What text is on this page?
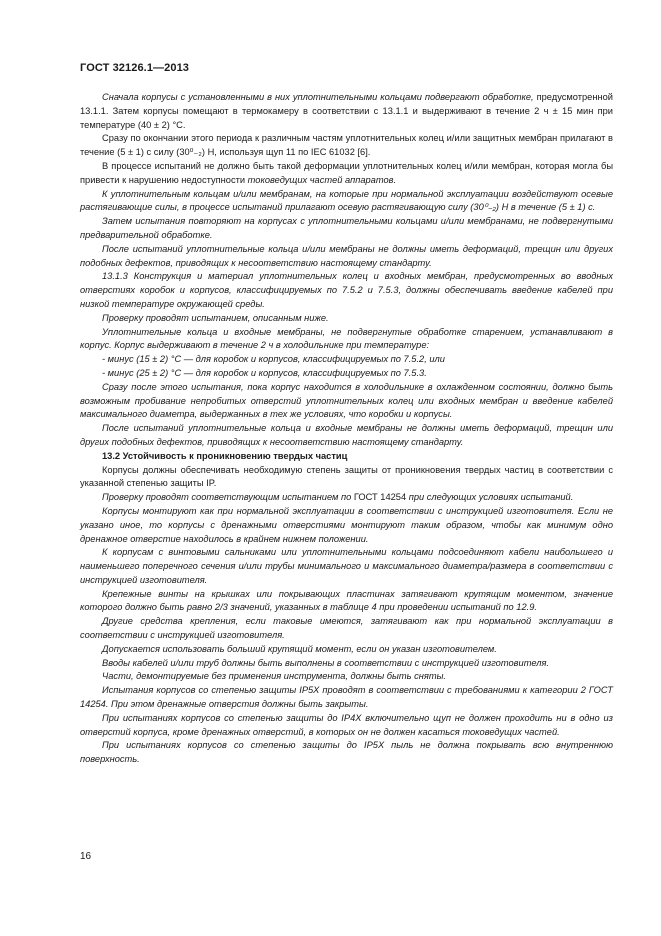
ГОСТ 32126.1—2013

Сначала корпусы с установленными в них уплотнительными кольцами подвергают обработке, предусмотренной 13.1.1. Затем корпусы помещают в термокамеру в соответствии с 13.1.1 и выдерживают в течение 2 ч ± 15 мин при температуре (40 ± 2) °С.

Сразу по окончании этого периода к различным частям уплотнительных колец и/или защитных мембран прилагают в течение (5 ± 1) с силу (30⁰₋₂) Н, используя щуп 11 по IEC 61032 [6].

В процессе испытаний не должно быть такой деформации уплотнительных колец и/или мембран, которая могла бы привести к нарушению недоступности токоведущих частей аппаратов.

К уплотнительным кольцам и/или мембранам, на которые при нормальной эксплуатации воздействуют осевые растягивающие силы, в процессе испытаний прилагают осевую растягивающую силу (30⁰₋₂) Н в течение (5 ± 1) с.

Затем испытания повторяют на корпусах с уплотнительными кольцами и/или мембранами, не подвергнутыми предварительной обработке.

После испытаний уплотнительные кольца и/или мембраны не должны иметь деформаций, трещин или других подобных дефектов, приводящих к несоответствию настоящему стандарту.

13.1.3 Конструкция и материал уплотнительных колец и входных мембран, предусмотренных во вводных отверстиях коробок и корпусов, классифицируемых по 7.5.2 и 7.5.3, должны обеспечивать введение кабелей при низкой температуре окружающей среды.

Проверку проводят испытанием, описанным ниже.

Уплотнительные кольца и входные мембраны, не подвергнутые обработке старением, устанавливают в корпус. Корпус выдерживают в течение 2 ч в холодильнике при температуре:

- минус (15 ± 2) °С — для коробок и корпусов, классифицируемых по 7.5.2, или

- минус (25 ± 2) °С — для коробок и корпусов, классифицируемых по 7.5.3.

Сразу после этого испытания, пока корпус находится в холодильнике в охлажденном состоянии, должно быть возможным пробивание непробитых отверстий уплотнительных колец или входных мембран и введение кабелей максимального диаметра, выдержанных в тех же условиях, что коробки и корпусы.

После испытаний уплотнительные кольца и входные мембраны не должны иметь деформаций, трещин или других подобных дефектов, приводящих к несоответствию настоящему стандарту.

13.2 Устойчивость к проникновению твердых частиц

Корпусы должны обеспечивать необходимую степень защиты от проникновения твердых частиц в соответствии с указанной степенью защиты IP.

Проверку проводят соответствующим испытанием по ГОСТ 14254 при следующих условиях испытаний.

Корпусы монтируют как при нормальной эксплуатации в соответствии с инструкцией изготовителя. Если не указано иное, то корпусы с дренажными отверстиями монтируют таким образом, чтобы как минимум одно дренажное отверстие находилось в крайнем нижнем положении.

К корпусам с винтовыми сальниками или уплотнительными кольцами подсоединяют кабели наибольшего и наименьшего поперечного сечения и/или трубы минимального и максимального диаметра/размера в соответствии с инструкцией изготовителя.

Крепежные винты на крышках или покрывающих пластинах затягивают крутящим моментом, значение которого должно быть равно 2/3 значений, указанных в таблице 4 при проведении испытаний по 12.9.

Другие средства крепления, если таковые имеются, затягивают как при нормальной эксплуатации в соответствии с инструкцией изготовителя.

Допускается использовать больший крутящий момент, если он указан изготовителем.

Вводы кабелей и/или труб должны быть выполнены в соответствии с инструкцией изготовителя.

Части, демонтируемые без применения инструмента, должны быть сняты.

Испытания корпусов со степенью защиты IP5X проводят в соответствии с требованиями к категории 2 ГОСТ 14254. При этом дренажные отверстия должны быть закрыты.

При испытаниях корпусов со степенью защиты до IP4X включительно щуп не должен проходить ни в одно из отверстий корпуса, кроме дренажных отверстий, в которых он не должен касаться токоведущих частей.

При испытаниях корпусов со степенью защиты до IP5X пыль не должна покрывать всю внутреннюю поверхность.

16
